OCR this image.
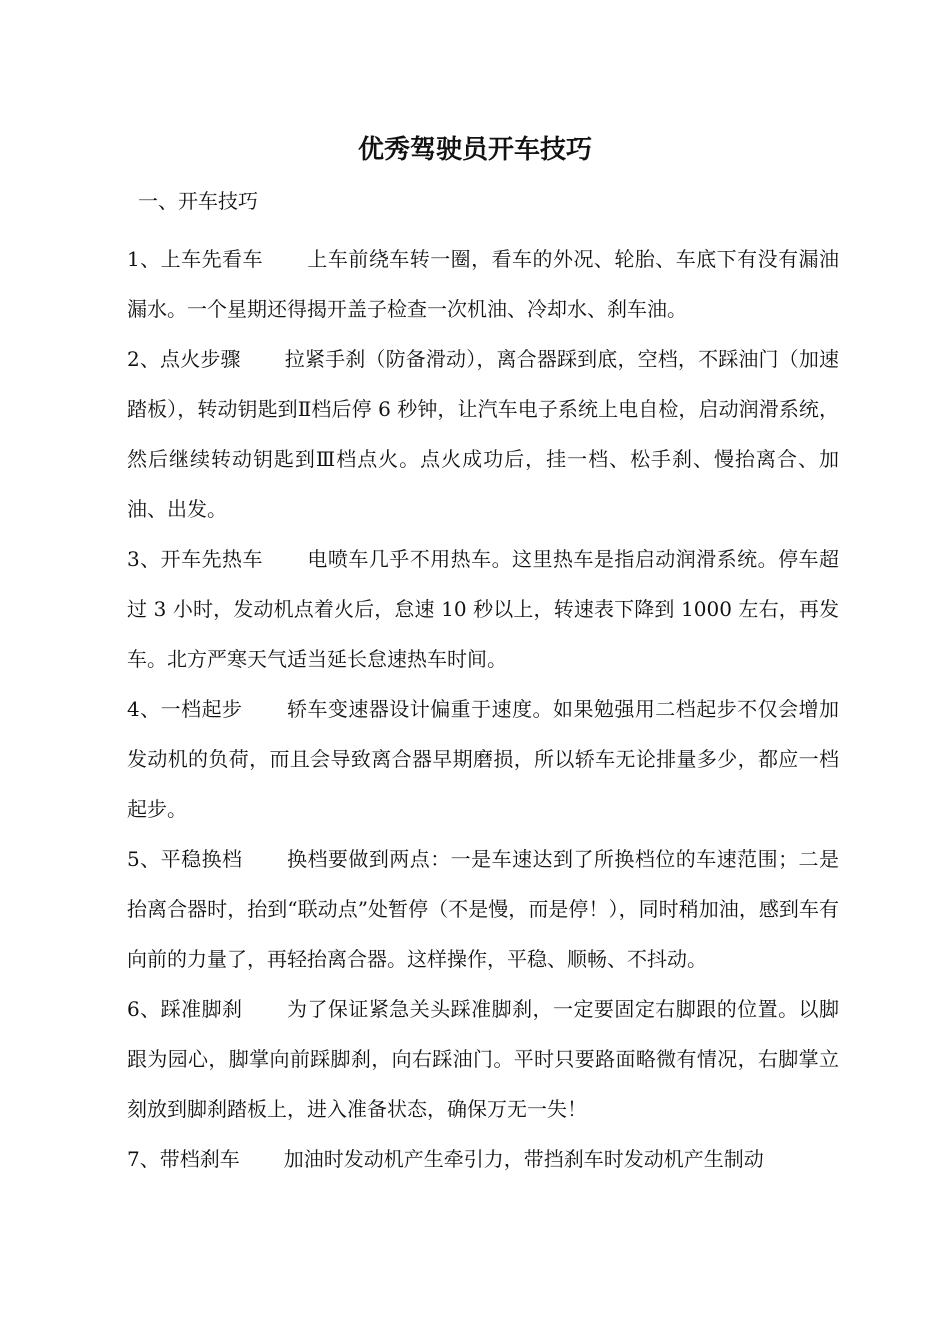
优秀驾驶员开车技巧
一、开车技巧

1、上车先看车 上车前绕车转一圈，看车的外况、轮胎、车底下有没有漏油漏水。一个星期还得揭开盖子检查一次机油、冷却水、刹车油。

2、点火步骤 拉紧手刹（防备滑动），离合器踩到底，空档，不踩油门（加速踏板），转动钥匙到Ⅱ档后停 6 秒钟，让汽车电子系统上电自检，启动润滑系统，然后继续转动钥匙到Ⅲ档点火。点火成功后，挂一档、松手刹、慢抬离合、加油、出发。

3、开车先热车 电喷车几乎不用热车。这里热车是指启动润滑系统。停车超过 3 小时，发动机点着火后，怠速 10 秒以上，转速表下降到 1000 左右，再发车。北方严寒天气适当延长怠速热车时间。

4、一档起步 轿车变速器设计偏重于速度。如果勉强用二档起步不仅会增加发动机的负荷，而且会导致离合器早期磨损，所以轿车无论排量多少，都应一档起步。

5、平稳换档 换档要做到两点：一是车速达到了所换档位的车速范围；二是抬离合器时，抬到“联动点”处暂停（不是慢，而是停！），同时稍加油，感到车有向前的力量了，再轻抬离合器。这样操作，平稳、顺畅、不抖动。

6、踩准脚刹 为了保证紧急关头踩准脚刹，一定要固定右脚跟的位置。以脚跟为园心，脚掌向前踩脚刹，向右踩油门。平时只要路面略微有情况，右脚掌立刻放到脚刹踏板上，进入准备状态，确保万无一失！

7、带档刹车 加油时发动机产生牵引力，带挡刹车时发动机产生制动
